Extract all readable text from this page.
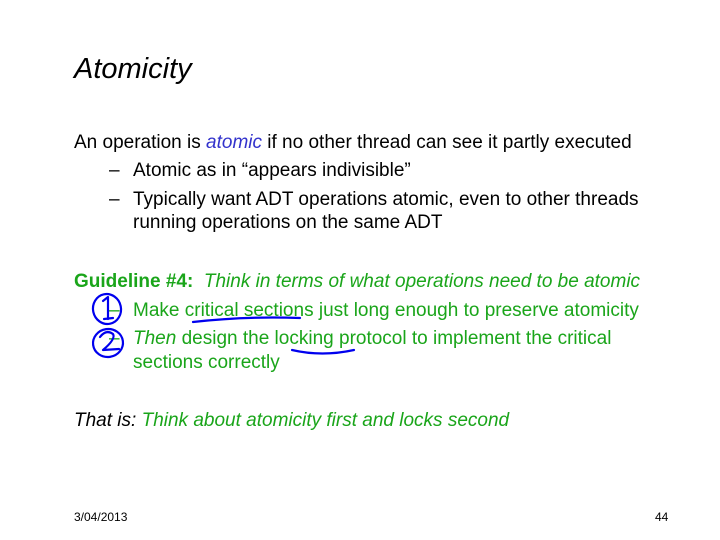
Atomicity
An operation is atomic if no other thread can see it partly executed
– Atomic as in “appears indivisible”
– Typically want ADT operations atomic, even to other threads
running operations on the same ADT
Guideline #4: Think in terms of what operations need to be atomic
– Make critical sections just long enough to preserve atomicity
– Then design the locking protocol to implement the critical
sections correctly
That is: Think about atomicity first and locks second
3/04/2013	44
